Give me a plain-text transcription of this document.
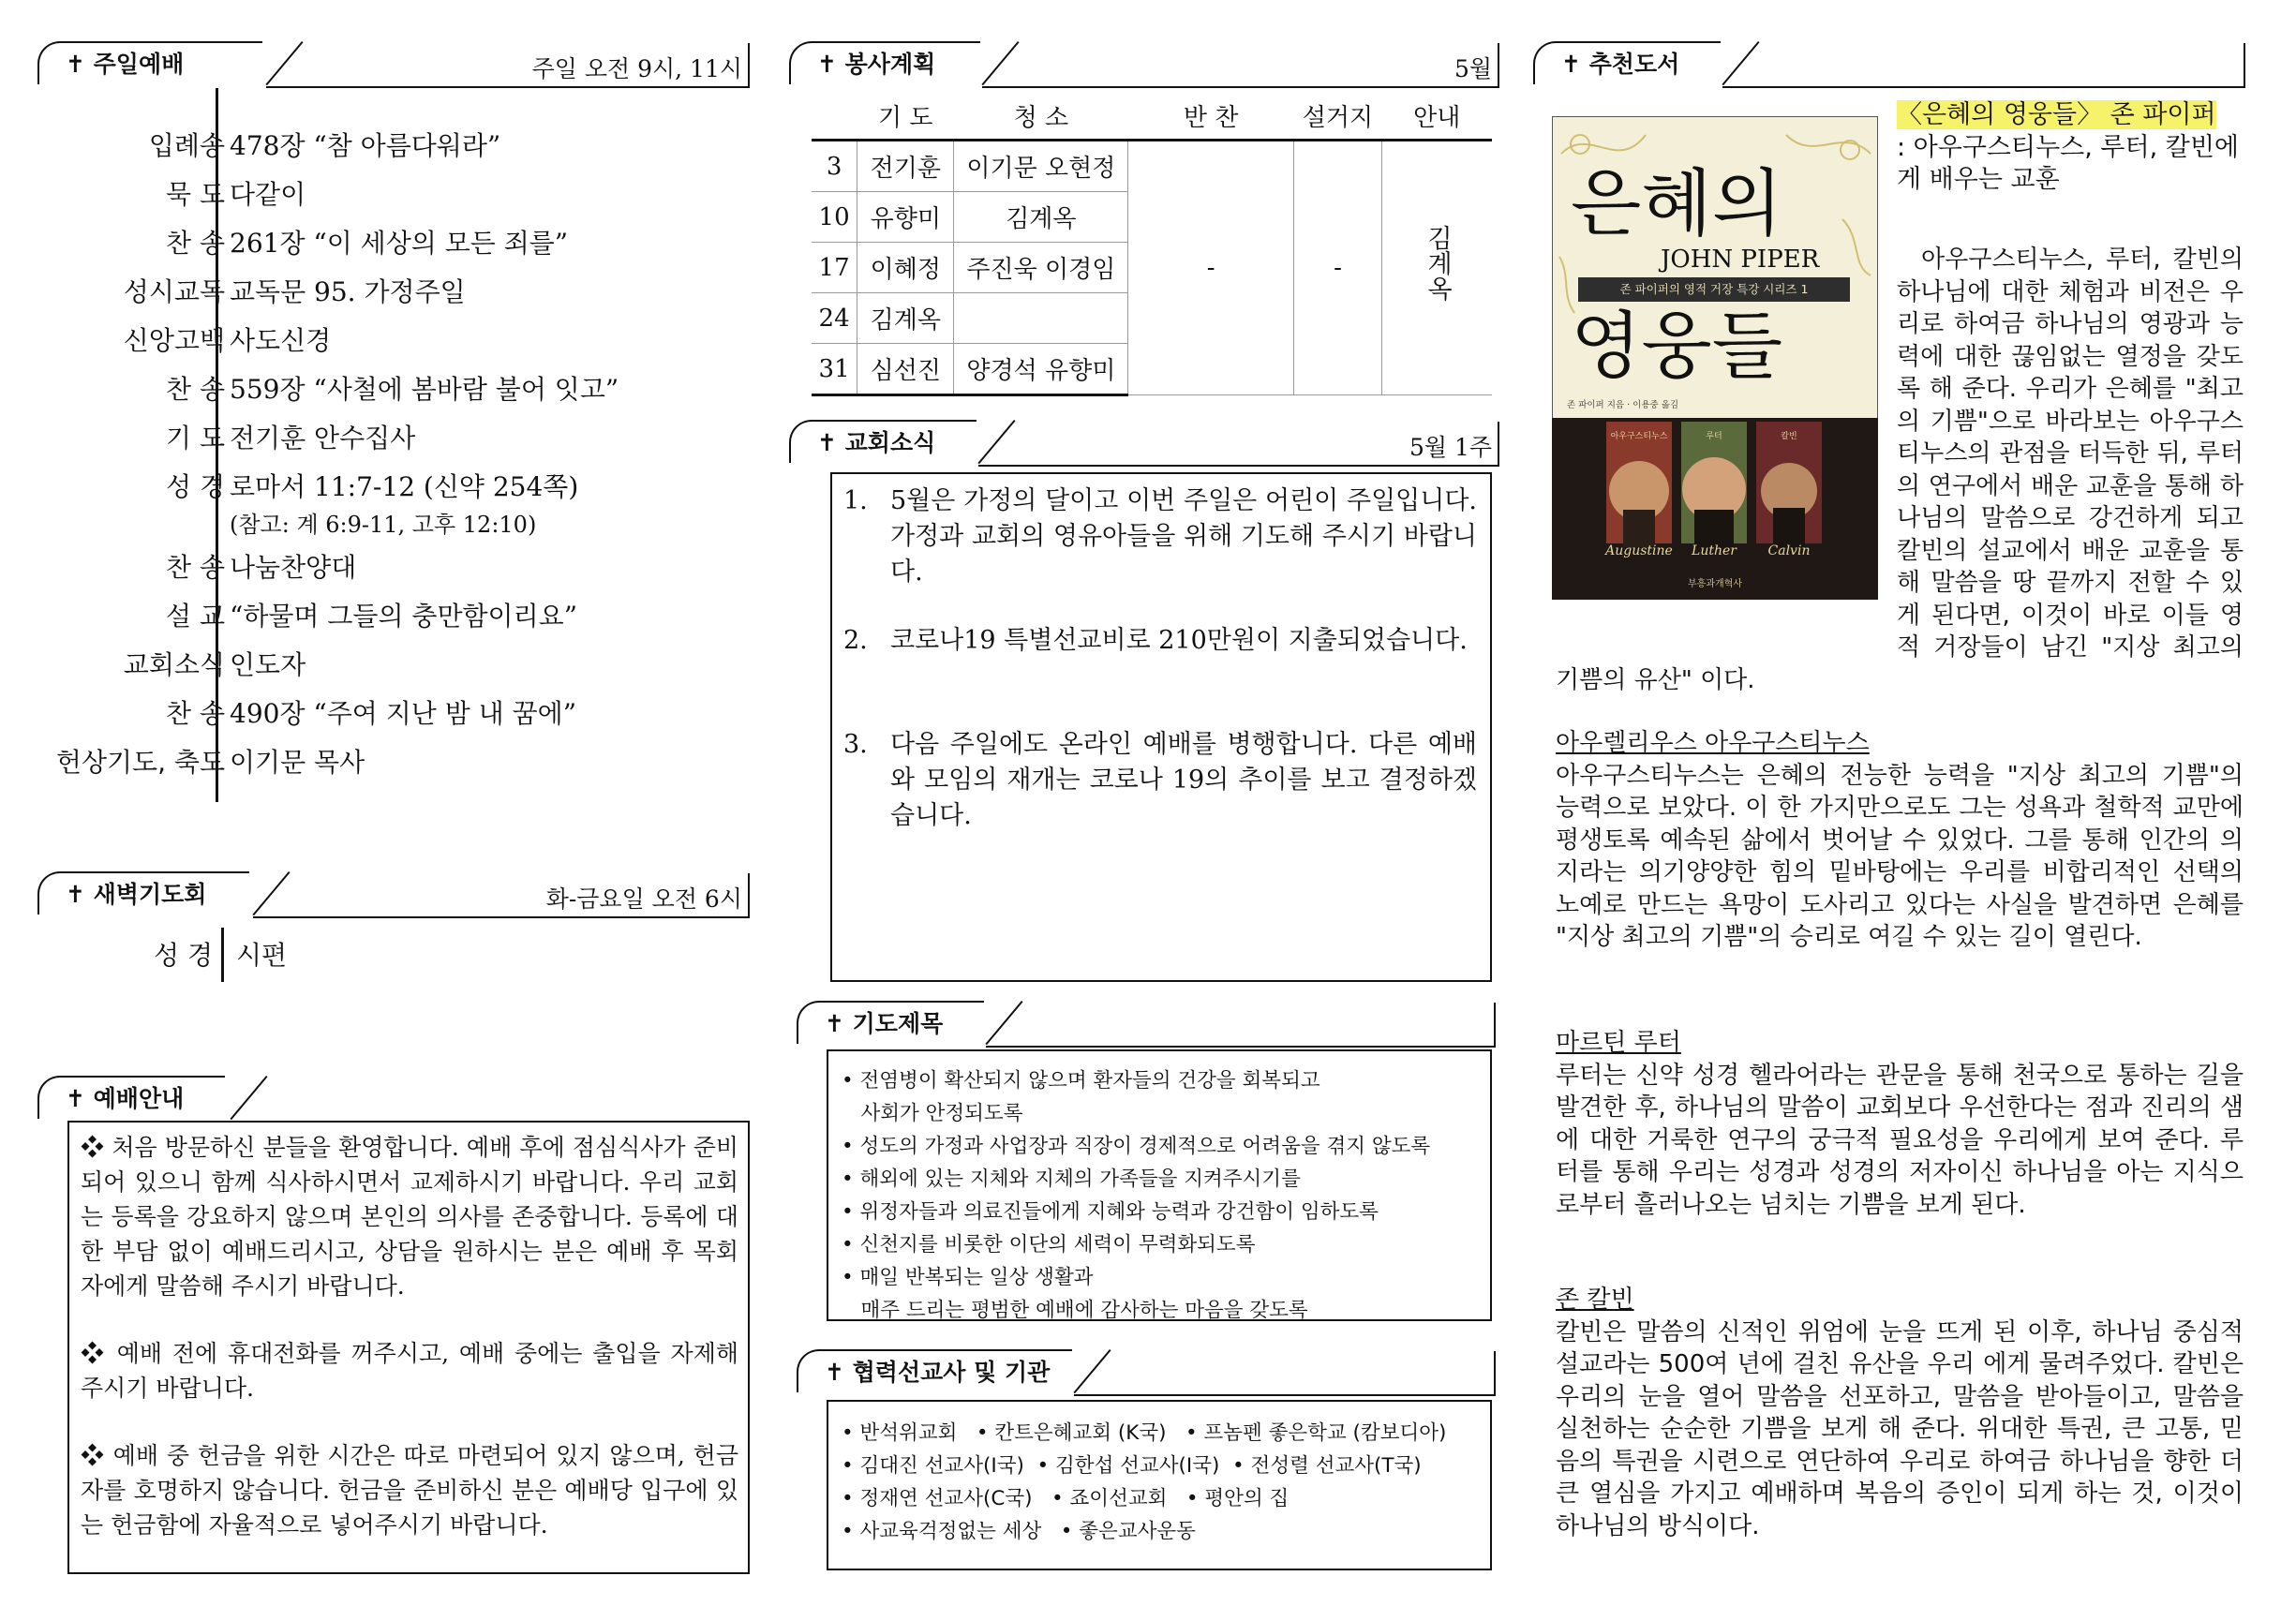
✝ 주일예배	주일 오전 9시, 11시
입례송 478장 “참 아름다워라”
묵 도 다같이
찬 송 261장 “이 세상의 모든 죄를”
성시교독 교독문 95. 가정주일
신앙고백 사도신경
찬 송 559장 “사철에 봄바람 불어 잇고”
기 도 전기훈 안수집사
성 경 로마서 11:7-12 (신약 254쪽)
(참고: 계 6:9-11, 고후 12:10)
찬 송 나눔찬양대
설 교 “하물며 그들의 충만함이리요”
교회소식 인도자
찬 송 490장 “주여 지난 밤 내 꿈에”
헌상기도, 축도 이기문 목사
✝ 새벽기도회	화-금요일 오전 6시
성 경 시편
✝ 예배안내

❖ 처음 방문하신 분들을 환영합니다. 예배 후에 점심식사가 준비되어 있으니 함께 식사하시면서 교제하시기 바랍니다. 우리 교회는 등록을 강요하지 않으며 본인의 의사를 존중합니다. 등록에 대한 부담 없이 예배드리시고, 상담을 원하시는 분은 예배 후 목회자에게 말씀해 주시기 바랍니다.

❖ 예배 전에 휴대전화를 꺼주시고, 예배 중에는 출입을 자제해 주시기 바랍니다.

❖ 예배 중 헌금을 위한 시간은 따로 마련되어 있지 않으며, 헌금자를 호명하지 않습니다. 헌금을 준비하신 분은 예배당 입구에 있는 헌금함에 자율적으로 넣어주시기 바랍니다.

✝ 봉사계획	5월
	기 도	청 소	반 찬	설거지	안내
3	전기훈	이기문 오현정	-	-	김계옥
10	유향미	김계옥			
17	이혜정	주진욱 이경임			
24	김계옥				
31	심선진	양경석 유향미			
✝ 교회소식	5월 1주
1. 5월은 가정의 달이고 이번 주일은 어린이 주일입니다. 가정과 교회의 영유아들을 위해 기도해 주시기 바랍니다.
2. 코로나19 특별선교비로 210만원이 지출되었습니다.
3. 다음 주일에도 온라인 예배를 병행합니다. 다른 예배와 모임의 재개는 코로나 19의 추이를 보고 결정하겠습니다.
✝ 기도제목
• 전염병이 확산되지 않으며 환자들의 건강을 회복되고
사회가 안정되도록
• 성도의 가정과 사업장과 직장이 경제적으로 어려움을 겪지 않도록
• 해외에 있는 지체와 지체의 가족들을 지켜주시기를
• 위정자들과 의료진들에게 지혜와 능력과 강건함이 임하도록
• 신천지를 비롯한 이단의 세력이 무력화되도록
• 매일 반복되는 일상 생활과
매주 드리는 평범한 예배에 감사하는 마음을 갖도록
✝ 협력선교사 및 기관
• 반석위교회   • 칸트은혜교회 (K국)   • 프놈펜 좋은학교 (캄보디아)
• 김대진 선교사(I국)  • 김한섭 선교사(I국)  • 전성렬 선교사(T국)
• 정재연 선교사(C국)   • 죠이선교회   • 평안의 집
• 사교육걱정없는 세상   • 좋은교사운동
✝ 추천도서
은혜의
JOHN PIPER
존 파이퍼의 영적 거장 특강 시리즈 1
영웅들
존 파이퍼 지음 · 이용중 옮김
아우구스티누스	루터	칼빈
Augustine	Luther	Calvin
부흥과개혁사
〈은혜의 영웅들〉 존 파이퍼
: 아우구스티누스, 루터, 칼빈에게 배우는 교훈
아우구스티누스, 루터, 칼빈의 하나님에 대한 체험과 비전은 우리로 하여금 하나님의 영광과 능력에 대한 끊임없는 열정을 갖도록 해 준다. 우리가 은혜를 "최고의 기쁨"으로 바라보는 아우구스티누스의 관점을 터득한 뒤, 루터의 연구에서 배운 교훈을 통해 하나님의 말씀으로 강건하게 되고 칼빈의 설교에서 배운 교훈을 통해 말씀을 땅 끝까지 전할 수 있게 된다면, 이것이 바로 이들 영적 거장들이 남긴 "지상 최고의 기쁨의 유산" 이다.
아우렐리우스 아우구스티누스
아우구스티누스는 은혜의 전능한 능력을 "지상 최고의 기쁨"의 능력으로 보았다. 이 한 가지만으로도 그는 성욕과 철학적 교만에 평생토록 예속된 삶에서 벗어날 수 있었다. 그를 통해 인간의 의지라는 의기양양한 힘의 밑바탕에는 우리를 비합리적인 선택의 노예로 만드는 욕망이 도사리고 있다는 사실을 발견하면 은혜를 "지상 최고의 기쁨"의 승리로 여길 수 있는 길이 열린다.
마르틴 루터
루터는 신약 성경 헬라어라는 관문을 통해 천국으로 통하는 길을 발견한 후, 하나님의 말씀이 교회보다 우선한다는 점과 진리의 샘에 대한 거룩한 연구의 궁극적 필요성을 우리에게 보여 준다. 루터를 통해 우리는 성경과 성경의 저자이신 하나님을 아는 지식으로부터 흘러나오는 넘치는 기쁨을 보게 된다.
존 칼빈
칼빈은 말씀의 신적인 위엄에 눈을 뜨게 된 이후, 하나님 중심적 설교라는 500여 년에 걸친 유산을 우리 에게 물려주었다. 칼빈은 우리의 눈을 열어 말씀을 선포하고, 말씀을 받아들이고, 말씀을 실천하는 순순한 기쁨을 보게 해 준다. 위대한 특권, 큰 고통, 믿음의 특권을 시련으로 연단하여 우리로 하여금 하나님을 향한 더 큰 열심을 가지고 예배하며 복음의 증인이 되게 하는 것, 이것이 하나님의 방식이다.
